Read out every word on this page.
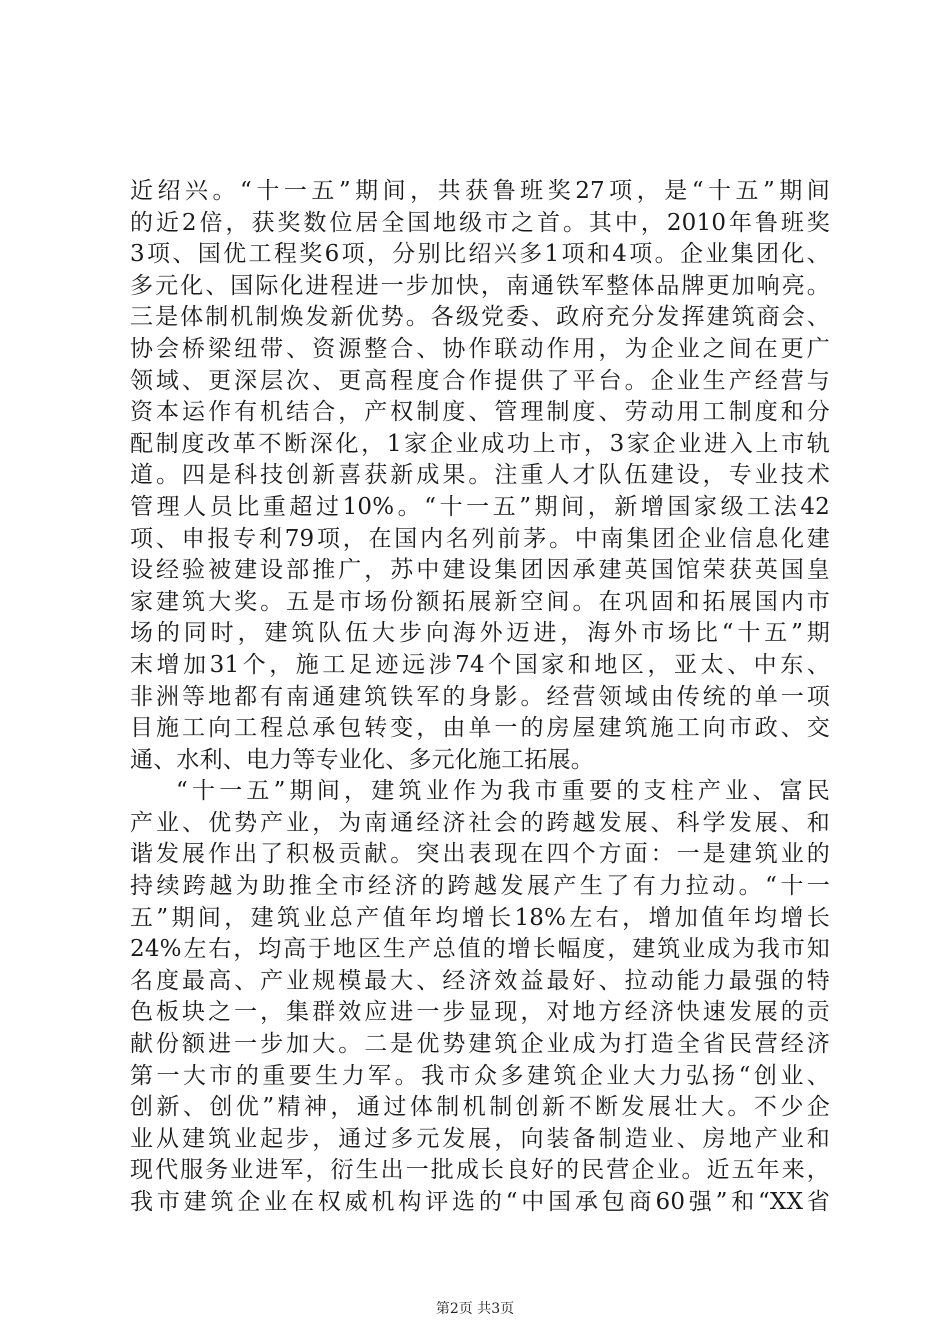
近绍兴。“十一五”期间，共获鲁班奖27项，是“十五”期间
的近2倍，获奖数位居全国地级市之首。其中，2010年鲁班奖
3项、国优工程奖6项，分别比绍兴多1项和4项。企业集团化、
多元化、国际化进程进一步加快，南通铁军整体品牌更加响亮。
三是体制机制焕发新优势。各级党委、政府充分发挥建筑商会、
协会桥梁纽带、资源整合、协作联动作用，为企业之间在更广
领域、更深层次、更高程度合作提供了平台。企业生产经营与
资本运作有机结合，产权制度、管理制度、劳动用工制度和分
配制度改革不断深化，1家企业成功上市，3家企业进入上市轨
道。四是科技创新喜获新成果。注重人才队伍建设，专业技术
管理人员比重超过10%。“十一五”期间，新增国家级工法42
项、申报专利79项，在国内名列前茅。中南集团企业信息化建
设经验被建设部推广，苏中建设集团因承建英国馆荣获英国皇
家建筑大奖。五是市场份额拓展新空间。在巩固和拓展国内市
场的同时，建筑队伍大步向海外迈进，海外市场比“十五”期
末增加31个，施工足迹远涉74个国家和地区，亚太、中东、
非洲等地都有南通建筑铁军的身影。经营领域由传统的单一项
目施工向工程总承包转变，由单一的房屋建筑施工向市政、交
通、水利、电力等专业化、多元化施工拓展。
“十一五”期间，建筑业作为我市重要的支柱产业、富民
产业、优势产业，为南通经济社会的跨越发展、科学发展、和
谐发展作出了积极贡献。突出表现在四个方面：一是建筑业的
持续跨越为助推全市经济的跨越发展产生了有力拉动。“十一
五”期间，建筑业总产值年均增长18%左右，增加值年均增长
24%左右，均高于地区生产总值的增长幅度，建筑业成为我市知
名度最高、产业规模最大、经济效益最好、拉动能力最强的特
色板块之一，集群效应进一步显现，对地方经济快速发展的贡
献份额进一步加大。二是优势建筑企业成为打造全省民营经济
第一大市的重要生力军。我市众多建筑企业大力弘扬“创业、
创新、创优”精神，通过体制机制创新不断发展壮大。不少企
业从建筑业起步，通过多元发展，向装备制造业、房地产业和
现代服务业进军，衍生出一批成长良好的民营企业。近五年来，
我市建筑企业在权威机构评选的“中国承包商60强”和“XX省
第2页 共3页
